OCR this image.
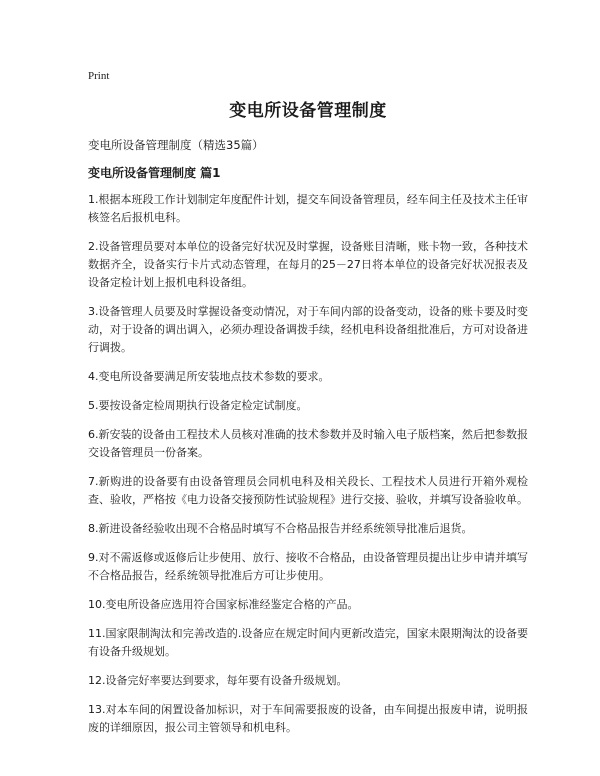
Print
变电所设备管理制度
变电所设备管理制度（精选35篇）
变电所设备管理制度 篇1

1.根据本班段工作计划制定年度配件计划，提交车间设备管理员，经车间主任及技术主任审核签名后报机电科。

2.设备管理员要对本单位的设备完好状况及时掌握，设备账目清晰，账卡物一致，各种技术数据齐全，设备实行卡片式动态管理，在每月的25－27日将本单位的设备完好状况报表及设备定检计划上报机电科设备组。

3.设备管理人员要及时掌握设备变动情况，对于车间内部的设备变动，设备的账卡要及时变动，对于设备的调出调入，必须办理设备调拨手续，经机电科设备组批准后，方可对设备进行调拨。

4.变电所设备要满足所安装地点技术参数的要求。

5.要按设备定检周期执行设备定检定试制度。

6.新安装的设备由工程技术人员核对准确的技术参数并及时输入电子版档案，然后把参数报交设备管理员一份备案。

7.新购进的设备要有由设备管理员会同机电科及相关段长、工程技术人员进行开箱外观检查、验收，严格按《电力设备交接预防性试验规程》进行交接、验收，并填写设备验收单。

8.新进设备经验收出现不合格品时填写不合格品报告并经系统领导批准后退货。

9.对不需返修或返修后让步使用、放行、接收不合格品，由设备管理员提出让步申请并填写不合格品报告，经系统领导批准后方可让步使用。

10.变电所设备应选用符合国家标准经鉴定合格的产品。

11.国家限制淘汰和完善改造的.设备应在规定时间内更新改造完，国家未限期淘汰的设备要有设备升级规划。

12.设备完好率要达到要求，每年要有设备升级规划。

13.对本车间的闲置设备加标识，对于车间需要报废的设备，由车间提出报废申请，说明报废的详细原因，报公司主管领导和机电科。
